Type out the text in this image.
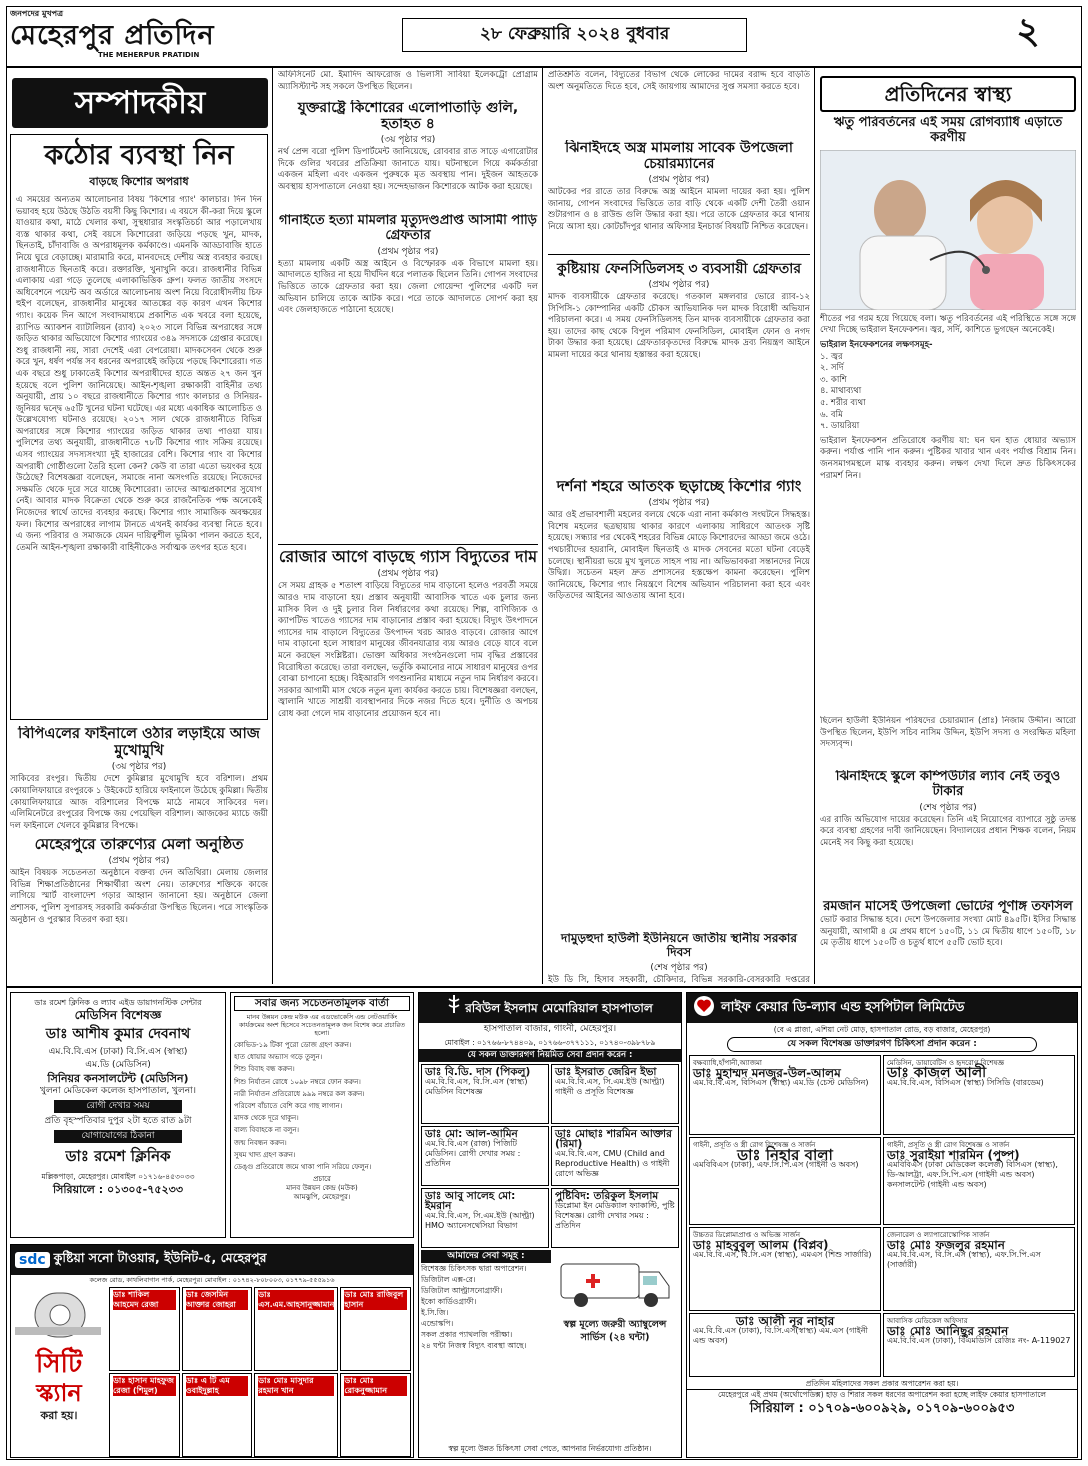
জনপদের মুখপত্র
মেহেরপুর প্রতিদিন
THE MEHERPUR PRATIDIN
২৮ ফেব্রুয়ারি ২০২৪ বুধবার	২
সম্পাদকীয়
কঠোর ব্যবস্থা নিন
বাড়ছে কিশোর অপরাধ
এ সময়ের অন্যতম আলোচনার বিষয় 'কিশোর গ্যাং' কালচার। দিন দিন ভয়াবহ হয়ে উঠছে উঠতি বয়সী কিছু কিশোর। এ বয়সে কী-করা দিয়ে স্কুলে যাওয়ার কথা, মাঠে খেলার কথা, সুস্থধারার সংস্কৃতিচর্চা আর পড়ালেখায় ব্যস্ত থাকার কথা, সেই বয়সে কিশোরেরা জড়িয়ে পড়ছে খুন, মাদক, ছিনতাই, চাঁদাবাজি ও অপরাধমূলক কর্মকাণ্ডে। এমনকি আড্ডাবাজি হাতে নিয়ে ঘুরে বেড়াচ্ছে। মারামারি করে, মানবদেহে দেশীয় অস্ত্র ব্যবহার করছে। রাজধানীতে ছিনতাই করে। রক্তারক্তি, খুনাখুনি করে। রাজধানীর বিভিন্ন এলাকায় এরা গড়ে তুলেছে এলাকাভিত্তিক গ্রুপ। ফলত জাতীয় সংসদে অধিবেশনে পয়েন্ট অব অর্ডারে আলোচনায় অংশ নিয়ে বিরোধীদলীয় চিফ হুইপ বলেছেন, রাজধানীর মানুষের আতঙ্কের বড় কারণ এখন কিশোর গ্যাং। কয়েক দিন আগে সংবাদমাধ্যমে প্রকাশিত এক খবরে বলা হয়েছে, র‍্যাপিড অ্যাকশন ব্যাটালিয়ন (র‍্যাব) ২০২৩ সালে বিভিন্ন অপরাধের সঙ্গে জড়িত থাকার অভিযোগে কিশোর গ্যাংয়ের ৩৪৯ সদস্যকে গ্রেপ্তার করেছে। শুধু রাজধানী নয়, সারা দেশেই এরা বেপরোয়া। মাদকসেবন থেকে শুরু করে খুন, ধর্ষণ পর্যন্ত সব ধরনের অপরাধেই জড়িয়ে পড়ছে কিশোরেরা। গত এক বছরে শুধু ঢাকাতেই কিশোর অপরাধীদের হাতে অন্তত ২৭ জন খুন হয়েছে বলে পুলিশ জানিয়েছে। আইন-শৃঙ্খলা রক্ষাকারী বাহিনীর তথ্য অনুযায়ী, প্রায় ১০ বছরে রাজধানীতে কিশোর গ্যাং কালচার ও সিনিয়র-জুনিয়র দ্বন্দ্বে ৬৫টি খুনের ঘটনা ঘটেছে। এর মধ্যে একাধিক আলোচিত ও উল্লেখযোগ্য ঘটনাও রয়েছে। ২০১৭ সাল থেকে রাজধানীতে বিভিন্ন অপরাধের সঙ্গে কিশোর গ্যাংয়ের জড়িত থাকার তথ্য পাওয়া যায়। পুলিশের তথ্য অনুযায়ী, রাজধানীতে ৭৮টি কিশোর গ্যাং সক্রিয় রয়েছে। এসব গ্যাংয়ের সদস্যসংখ্যা দুই হাজারের বেশি। কিশোর গ্যাং বা কিশোর অপরাধী গোষ্ঠীগুলো তৈরি হলো কেন? কেউ বা তারা এতো ভয়ংকর হয়ে উঠেছে? বিশেষজ্ঞরা বলেছেন, সমাজে নানা অসংগতি রয়েছে। নিজেদের সক্ষমতি থেকে দূরে সরে যাচ্ছে কিশোরেরা। তাদের আত্মপ্রকাশের সুযোগ নেই। আবার মাদক বিক্রেতা থেকে শুরু করে রাজনৈতিক পক্ষ অনেকেই নিজেদের স্বার্থে তাদের ব্যবহার করছে। কিশোর গ্যাং সামাজিক অবক্ষয়ের ফল। কিশোর অপরাধের লাগাম টানতে এখনই কার্যকর ব্যবস্থা নিতে হবে। এ জন্য পরিবার ও সমাজকে যেমন দায়িত্বশীল ভূমিকা পালন করতে হবে, তেমনি আইন-শৃঙ্খলা রক্ষাকারী বাহিনীকেও সর্বাত্মক তৎপর হতে হবে।
বিপিএলের ফাইনালে ওঠার লড়াইয়ে আজ মুখোমুখি
(৩য় পৃষ্ঠার পর)
সাকিবের রংপুর। দ্বিতীয় দেশে কুমিল্লার মুখোমুখি হবে বরিশাল। প্রথম কোয়ালিফায়ারে রংপুরকে ১ উইকেটে হারিয়ে ফাইনালে উঠেছে কুমিল্লা। দ্বিতীয় কোয়ালিফায়ারে আজ বরিশালের বিপক্ষে মাঠে নামবে সাকিবের দল। এলিমিনেটরে রংপুরের বিপক্ষে জয় পেয়েছিল বরিশাল। আজকের ম্যাচে জয়ী দল ফাইনালে খেলবে কুমিল্লার বিপক্ষে।
মেহেরপুরে তারুণ্যের মেলা অনুষ্ঠিত
(প্রথম পৃষ্ঠার পর)
আইন বিষয়ক সচেতনতা অনুষ্ঠানে বক্তব্য দেন অতিথিরা। মেলায় জেলার বিভিন্ন শিক্ষাপ্রতিষ্ঠানের শিক্ষার্থীরা অংশ নেয়। তারুণ্যের শক্তিকে কাজে লাগিয়ে স্মার্ট বাংলাদেশ গড়ার আহ্বান জানানো হয়। অনুষ্ঠানে জেলা প্রশাসক, পুলিশ সুপারসহ সরকারি কর্মকর্তারা উপস্থিত ছিলেন। পরে সাংস্কৃতিক অনুষ্ঠান ও পুরস্কার বিতরণ করা হয়।
অফিসিনেট মো. ইমাদিদ আফরোজ ও ভিলাসী সাবিয়া ইলেকট্রো প্রোগ্রাম অ্যাসিস্ট্যান্ট সহ সকলে উপস্থিত ছিলেন।
যুক্তরাষ্ট্রে কিশোরের এলোপাতাড়ি গুলি, হতাহত ৪
(৩য় পৃষ্ঠার পর)
নর্থ প্রেন্স বরো পুলিশ ডিপার্টমেন্ট জানিয়েছে, রোববার রাত সাড়ে এগারোটার দিকে গুলির খবরের প্রতিক্রিয়া জানাতে যায়। ঘটনাস্থলে গিয়ে কর্মকর্তারা একজন মহিলা এবং একজন পুরুষকে মৃত অবস্থায় পান। দুইজন আহতকে অবস্থায় হাসপাতালে নেওয়া হয়। সন্দেহভাজন কিশোরকে আটক করা হয়েছে।
গানাইতে হত্যা মামলার মৃত্যুদণ্ডপ্রাপ্ত আসামী পাড়ি গ্রেফতার
(প্রথম পৃষ্ঠার পর)
হত্যা মামলায় একটি অস্ত্র আইনে ও বিস্ফোরক এক বিভাগে মামলা হয়। আদালতে হাজির না হয়ে দীর্ঘদিন ধরে পলাতক ছিলেন তিনি। গোপন সংবাদের ভিত্তিতে তাকে গ্রেফতার করা হয়। জেলা গোয়েন্দা পুলিশের একটি দল অভিযান চালিয়ে তাকে আটক করে। পরে তাকে আদালতে সোপর্দ করা হয় এবং জেলহাজতে পাঠানো হয়েছে।
রোজার আগে বাড়ছে গ্যাস বিদ্যুতের দাম
(প্রথম পৃষ্ঠার পর)
সে সময় গ্রাহক ৫ শতাংশ বাড়িয়ে বিদ্যুতের দাম বাড়ানো হলেও পরবর্তী সময়ে আরও দাম বাড়ানো হয়। প্রস্তাব অনুযায়ী আবাসিক খাতে এক চুলার জন্য মাসিক বিল ও দুই চুলার বিল নির্ধারণের কথা রয়েছে। শিল্প, বাণিজ্যিক ও ক্যাপটিভ খাতেও গ্যাসের দাম বাড়ানোর প্রস্তাব করা হয়েছে। বিদ্যুৎ উৎপাদনে গ্যাসের দাম বাড়ালে বিদ্যুতের উৎপাদন খরচ আরও বাড়বে। রোজার আগে দাম বাড়ানো হলে সাধারণ মানুষের জীবনযাত্রার ব্যয় আরও বেড়ে যাবে বলে মনে করছেন সংশ্লিষ্টরা। ভোক্তা অধিকার সংগঠনগুলো দাম বৃদ্ধির প্রস্তাবের বিরোধিতা করেছে। তারা বলছেন, ভর্তুকি কমানোর নামে সাধারণ মানুষের ওপর বোঝা চাপানো হচ্ছে। বিইআরসি গণশুনানির মাধ্যমে নতুন দাম নির্ধারণ করবে। সরকার আগামী মাস থেকে নতুন মূল্য কার্যকর করতে চায়। বিশেষজ্ঞরা বলছেন, জ্বালানি খাতে সাশ্রয়ী ব্যবস্থাপনার দিকে নজর দিতে হবে। দুর্নীতি ও অপচয় রোধ করা গেলে দাম বাড়ানোর প্রয়োজন হবে না।
প্রতিশ্রুতি বলেন, বিদ্যুতের বিভাগ থেকে লোকের দামের বরাদ্দ হবে বাড়তি অংশ অনুমতিতে দিতে হবে, সেই জায়গায় আমাদের সুপ্ত সমস্যা করতে হবে।
ঝিনাইদহে অস্ত্র মামলায় সাবেক উপজেলা চেয়ারম্যানের
(প্রথম পৃষ্ঠার পর)
আটকের পর রাতে তার বিরুদ্ধে অস্ত্র আইনে মামলা দায়ের করা হয়। পুলিশ জানায়, গোপন সংবাদের ভিত্তিতে তার বাড়ি থেকে একটি দেশী তৈরী ওয়ান শুটারগান ও ৪ রাউন্ড গুলি উদ্ধার করা হয়। পরে তাকে গ্রেফতার করে থানায় নিয়ে আসা হয়। কোটচাঁদপুর থানার অফিসার ইনচার্জ বিষয়টি নিশ্চিত করেছেন।
কুষ্টিয়ায় ফেনসিডিলসহ ৩ ব্যবসায়ী গ্রেফতার
(প্রথম পৃষ্ঠার পর)
মাদক ব্যবসায়ীকে গ্রেফতার করেছে। গতকাল মঙ্গলবার ভোরে র‍্যাব-১২ সিপিসি-১ কোম্পানির একটি চৌকস আভিযানিক দল মাদক বিরোধী অভিযান পরিচালনা করে। এ সময় ফেনসিডিলসহ তিন মাদক ব্যবসায়ীকে গ্রেফতার করা হয়। তাদের কাছ থেকে বিপুল পরিমাণ ফেনসিডিল, মোবাইল ফোন ও নগদ টাকা উদ্ধার করা হয়েছে। গ্রেফতারকৃতদের বিরুদ্ধে মাদক দ্রব্য নিয়ন্ত্রণ আইনে মামলা দায়ের করে থানায় হস্তান্তর করা হয়েছে।
দর্শনা শহরে আতংক ছড়াচ্ছে কিশোর গ্যাং
(প্রথম পৃষ্ঠার পর)
আর ওই প্রভাবশালী মহলের বলয়ে থেকে এরা নানা কর্মকাণ্ড সংঘটনে সিদ্ধহস্ত। বিশেষ মহলের ছত্রছায়ায় থাকার কারণে এলাকায় সাধিরণে আতংক সৃষ্টি হয়েছে। সন্ধ্যার পর থেকেই শহরের বিভিন্ন মোড়ে কিশোরদের আড্ডা জমে ওঠে। পথচারীদের হয়রানি, মোবাইল ছিনতাই ও মাদক সেবনের মতো ঘটনা বেড়েই চলেছে। স্থানীয়রা ভয়ে মুখ খুলতে সাহস পায় না। অভিভাবকরা সন্তানদের নিয়ে উদ্বিগ্ন। সচেতন মহল দ্রুত প্রশাসনের হস্তক্ষেপ কামনা করেছেন। পুলিশ জানিয়েছে, কিশোর গ্যাং নিয়ন্ত্রণে বিশেষ অভিযান পরিচালনা করা হবে এবং জড়িতদের আইনের আওতায় আনা হবে।
দামুড়হুদা হাউলী ইউনিয়নে জাতীয় স্থানীয় সরকার দিবস
(শেষ পৃষ্ঠার পর)
ইউ ডি সি, হিসাব সহকারী, চৌকিদার, বিভিন্ন সরকারি-বেসরকারি দপ্তরের
প্রতিদিনের স্বাস্থ্য
ঋতু পরিবর্তনের এই সময় রোগব্যাধি এড়াতে করণীয়
শীতের পর গরম হয়ে গিয়েছে বলা। ঋতু পরিবর্তনের এই পরিস্থিতে সঙ্গে সঙ্গে দেখা দিচ্ছে ভাইরাল ইনফেকশন। জ্বর, সর্দি, কাশিতে ভুগছেন অনেকেই।
ভাইরাল ইনফেকশনের লক্ষণসমূহ-
১. জ্বর
২. সর্দি
৩. কাশি
৪. মাথাব্যথা
৫. শরীর ব্যথা
৬. বমি
৭. ডায়রিয়া
ভাইরাল ইনফেকশন প্রতিরোধে করণীয় যা: ঘন ঘন হাত ধোয়ার অভ্যাস করুন। পর্যাপ্ত পানি পান করুন। পুষ্টিকর খাবার খান এবং পর্যাপ্ত বিশ্রাম নিন। জনসমাগমস্থলে মাস্ক ব্যবহার করুন। লক্ষণ দেখা দিলে দ্রুত চিকিৎসকের পরামর্শ নিন।
ছিলেন হাউলী ইউনিয়ন পরিষদের চেয়ারম্যান (প্রাঃ) নিজাম উদ্দীন। আরো উপস্থিত ছিলেন, ইউপি সচিব নাসিম উদ্দিন, ইউপি সদস্য ও সংরক্ষিত মহিলা সদস্যবৃন্দ।
ঝিনাইদহে স্কুলে কম্পিউটার ল্যাব নেই তবুও টাকার
(শেষ পৃষ্ঠার পর)
এর রাজি অভিযোগ দায়ের করেছেন। তিনি এই নিয়োগের ব্যাপারে সুষ্ঠু তদন্ত করে ব্যবস্থা গ্রহণের দাবী জানিয়েছেন। বিদ্যালয়ের প্রধান শিক্ষক বলেন, নিয়ম মেনেই সব কিছু করা হয়েছে।
রমজান মাসেই উপজেলা ভোটের পূর্ণাঙ্গ তফসিল
ভোট করার সিদ্ধান্ত হবে। দেশে উপজেলার সংখ্যা মোট ৪৯৫টি। ইসির সিদ্ধান্ত অনুযায়ী, আগামী ৪ মে প্রথম ধাপে ১৫০টি, ১১ মে দ্বিতীয় ধাপে ১৫০টি, ১৮ মে তৃতীয় ধাপে ১৫০টি ও চতুর্থ ধাপে ৫৫টি ভোট হবে।
ডাঃ রমেশ ক্লিনিক ও ল্যাব এইড ডায়াগনস্টিক সেন্টার
মেডিসিন বিশেষজ্ঞ
ডাঃ আশীষ কুমার দেবনাথ
এম.বি.বি.এস (ঢাকা) বি.সি.এস (স্বাস্থ্য)
এম.ডি (মেডিসিন)
সিনিয়র কনসালটেন্ট (মেডিসিন)
খুলনা মেডিকেল কলেজ হাসপাতাল, খুলনা।
রোগী দেখার সময়
প্রতি বৃহস্পতিবার দুপুর ২টা হতে রাত ৯টা
যোগাযোগের ঠিকানা
ডাঃ রমেশ ক্লিনিক
মল্লিকপাড়া, মেহেরপুর। মোবাইল ০১৭১৬-৪৫৩০৩৩
সিরিয়ালে : ০১৩০৫-৭৫২৩৩
সবার জন্য সচেতনতামূলক বার্তা
মানব উন্নয়ন কেন্দ্র মউক এর এডভোকেসি এন্ড নেটওয়ার্কিং কার্যক্রমের অংশ হিসেবে সচেতনতামূলক জন বিশেষ করে প্রচারিত হলো।
কোভিড-১৯ টিকা পুরো ডোজ গ্রহণ করুন।
হাত ধোয়ার অভ্যাস গড়ে তুলুন।
শিশু বিবাহ বন্ধ করুন।
শিশু নির্যাতন রোধে ১০৯৮ নম্বরে ফোন করুন।
নারী নির্যাতন প্রতিরোধে ৯৯৯ নম্বরে কল করুন।
পরিবেশ বাঁচাতে বেশি করে গাছ লাগান।
মাদক থেকে দূরে থাকুন।
বাল্য বিবাহকে না বলুন।
জন্ম নিবন্ধন করুন।
সুষম খাদ্য গ্রহণ করুন।
ডেঙ্গু প্রতিরোধে জমে থাকা পানি সরিয়ে ফেলুন।
প্রচারে
মানব উন্নয়ন কেন্দ্র (মউক)
আমঝুপি, মেহেরপুর।
রবিউল ইসলাম মেমোরিয়াল হাসপাতাল
হাসপাতাল বাজার, গাংনী, মেহেরপুর।
মোবাইল : ০১৭৬৬-৮৭৪৪০৯, ০১৭৬৬-৩৭৭১১১, ০১৭৪০-৩৯৮৭৮৯
যে সকল ডাক্তারগণ নিয়মিত সেবা প্রদান করেন :
ডাঃ বি.ডি. দাস (পিকলু)
এম.বি.বি.এস, বি.সি.এস (স্বাস্থ্য) মেডিসিন বিশেষজ্ঞ
ডাঃ ইসরাত জেরিন ইভা
এম.বি.বি.এস, সি.এম.ইউ (আল্ট্রা) গাইনী ও প্রসূতি বিশেষজ্ঞ
ডাঃ মো: আল-আমিন
এম.বি.বি.এস (রাজ) পিজিটি মেডিসিন। রোগী দেখার সময় : প্রতিদিন
ডাঃ মোছাঃ শারমিন আক্তার (রিমা)
এম.বি.বি.এস, CMU (Child and Reproductive Health) ও গাইনী রোগে অভিজ্ঞ
ডাঃ আবু সালেহ মো: ইমরান
এম.বি.বি.এস, সি.এম.ইউ (আল্ট্রা) HMO অ্যানেসথেসিয়া বিভাগ
পুষ্টিবিদ: তরিকুল ইসলাম
ডিপ্লোমা ইন মেডিক্যাল ফ্যাকাল্টি, পুষ্টি বিশেষজ্ঞ। রোগী দেখার সময় : প্রতিদিন
আমাদের সেবা সমূহ :
বিশেষজ্ঞ চিকিৎসক দ্বারা অপারেশন।
ডিজিটাল এক্স-রে।
ডিজিটাল আল্ট্রাসনোগ্রাফী।
ইকো কার্ডিওগ্রাফী।
ই.সি.জি।
এন্ডোস্কপি।
সকল প্রকার প্যাথলজি পরীক্ষা।
২৪ ঘন্টা নিজস্ব বিদ্যুৎ ব্যবস্থা আছে।
স্বল্প মূল্যে জরুরী অ্যাম্বুলেন্স সার্ভিস (২৪ ঘন্টা)
স্বল্প মূল্যে উন্নত চিকিৎসা সেবা পেতে, আপনার নির্ভরযোগ্য প্রতিষ্ঠান।
লাইফ কেয়ার ডি-ল্যাব এন্ড হসপিটাল লিমিটেড
(বে এ প্লাজা, এশিয়া নেট মোড়, হাসপাতাল রোড, বড় বাজার, মেহেরপুর)
যে সকল বিশেষজ্ঞ ডাক্তারগণ চিকিৎসা প্রদান করেন :
বক্ষব্যাধি,হাঁপানী,অ্যাজমা
ডাঃ মুহাম্মদ মনজুর-উল-আলম
এম.বি.বি.এস, বিসিএস (স্বাস্থ্য) এম.ডি (চেস্ট মেডিসিন)
মেডিসিন, ডায়াবেটিস ও হৃদরোগ বিশেষজ্ঞ
ডাঃ কাজল আলী
এম.বি.বি.এস, বিসিএস (স্বাস্থ্য) সিসিডি (বারডেম)
গাইনী, প্রসূতি ও স্ত্রী রোগ বিশেষজ্ঞ ও সার্জন
ডাঃ নিহার বালা
এমবিবিএস (ঢাকা), এফ.সি.পি.এস (গাইনী ও অবস)
গাইনী, প্রসূতি ও স্ত্রী রোগ বিশেষজ্ঞ ও সার্জন
ডাঃ সুরাইয়া শারমিন (পুষ্প)
এমবিবিএস (ঢাকা মেডিকেল কলেজ) বিসিএস (স্বাস্থ্য), ডি-আলট্রা, এফ.সি.পি.এস (গাইনী এন্ড অবস) কনসালটেন্ট (গাইনী এন্ড অবস)
উচ্চতর ডিপ্লোমাপ্রাপ্ত ও অভিজ্ঞ সার্জন
ডাঃ মাহবুবুল আলম (বিপ্লব)
এম.বি.বি.এস, বি.সি.এস (স্বাস্থ্য), এমএস (শিশু সার্জারি)
জেনারেল ও ল্যাপারোস্কোপিক সার্জন
ডাঃ মোঃ ফজলুর রহমান
এম.বি.বি.এস, বি.সি.এস (স্বাস্থ্য), এফ.সি.পি.এস (সার্জারী)
ডাঃ আলী নূর নাহার
এম.বি.বি.এস (ঢাকা), বি.সি.এস(স্বাস্থ্য) এম.এস (গাইনী এন্ড অবস)
আবাসিক মেডিকেল অফিসার
ডাঃ মোঃ আনিছুর রহমান
এম.বি.বি.এস (ঢাকা), বিএমডিসি রেজিঃ নং- A-119027
প্রতিদিন মহিলাদের সকল প্রকার অপারেশন করা হয়।
মেহেরপুরে এই প্রথম (অর্থোপেডিক্স) হাড় ও শিরার সকল ধরণের অপারেশন করা হচ্ছে লাইফ কেয়ার হাসপাতালে
সিরিয়াল : ০১৭০৯-৬০০৯২৯, ০১৭০৯-৬০০৯৫৩
sdc কুষ্টিয়া সনো টাওয়ার, ইউনিট-৫, মেহেরপুর
কলেজ রোড, কাথলিবাগান পার্ক, মেহেরপুর। মোবাইল : ০১৭৪২-৮০৮০০৩, ০১৭৭৯-৫৫৫৯১৬
সিটি
স্ক্যান
করা হয়।
ডাঃ শাকিল আহমেদ রেজা
ডাঃ জেসমিন আক্তার জোহরা
ডাঃ এস.এম.আহসানুজ্জামান
ডাঃ মোঃ রাজিবুল হাসান
ডাঃ হাসান মাহফুজ রেজা (শিমুল)
ডাঃ এ টি এম ওবাইদুল্লাহ
ডাঃ মোঃ মাসুদার রহমান খান
ডাঃ মোঃ রোকনুজ্জামান
